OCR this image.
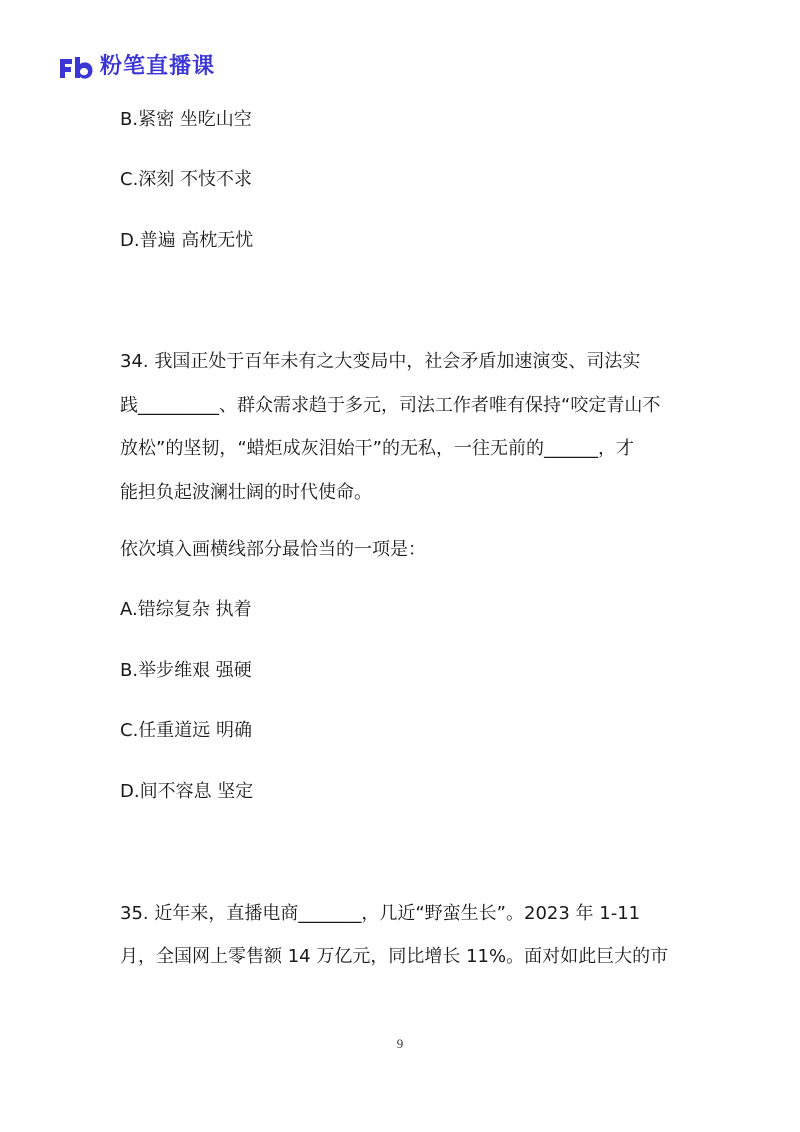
粉笔直播课
B.紧密 坐吃山空
C.深刻 不忮不求
D.普遍 高枕无忧
34. 我国正处于百年未有之大变局中，社会矛盾加速演变、司法实
践_________、群众需求趋于多元，司法工作者唯有保持“咬定青山不
放松”的坚韧，“蜡炬成灰泪始干”的无私，一往无前的______，才
能担负起波澜壮阔的时代使命。
依次填入画横线部分最恰当的一项是：
A.错综复杂 执着
B.举步维艰 强硬
C.任重道远 明确
D.间不容息 坚定
35. 近年来，直播电商_______，几近“野蛮生长”。2023 年 1-11
月，全国网上零售额 14 万亿元，同比增长 11%。面对如此巨大的市
9
